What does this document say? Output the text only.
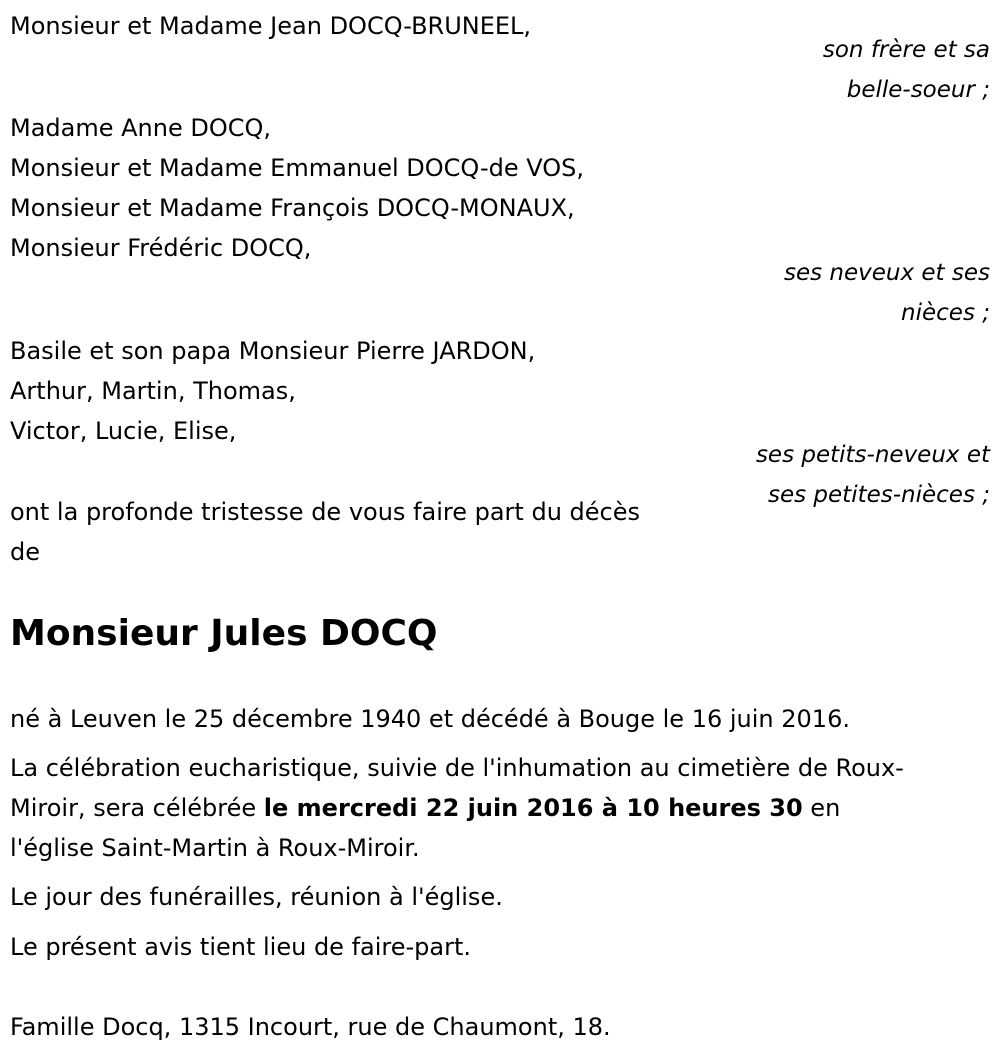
Monsieur et Madame Jean DOCQ-BRUNEEL,
son frère et sa
belle-soeur ;
Madame Anne DOCQ,
Monsieur et Madame Emmanuel DOCQ-de VOS,
Monsieur et Madame François DOCQ-MONAUX,
Monsieur Frédéric DOCQ,
ses neveux et ses
nièces ;
Basile et son papa Monsieur Pierre JARDON,
Arthur, Martin, Thomas,
Victor, Lucie, Elise,
ses petits-neveux et
ses petites-nièces ;
ont la profonde tristesse de vous faire part du décès
de
Monsieur Jules DOCQ

né à Leuven le 25 décembre 1940 et décédé à Bouge le 16 juin 2016.

La célébration eucharistique, suivie de l'inhumation au cimetière de Roux-Miroir, sera célébrée le mercredi 22 juin 2016 à 10 heures 30 en l'église Saint-Martin à Roux-Miroir.

Le jour des funérailles, réunion à l'église.

Le présent avis tient lieu de faire-part.

Famille Docq, 1315 Incourt, rue de Chaumont, 18.
